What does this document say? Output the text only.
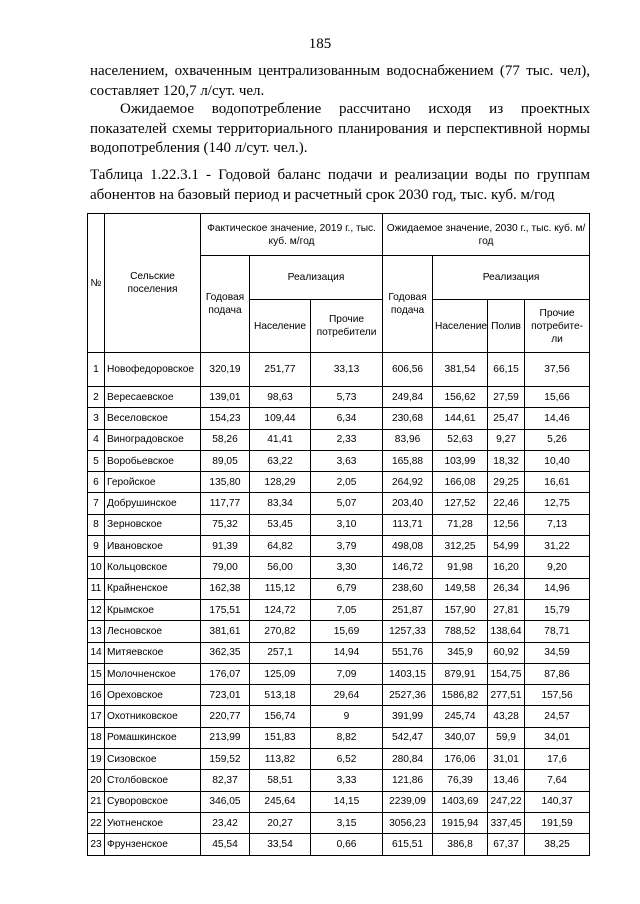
185
населением, охваченным централизованным водоснабжением (77 тыс. чел), составляет 120,7 л/сут. чел.
Ожидаемое водопотребление рассчитано исходя из проектных показателей схемы территориального планирования и перспективной нормы водопотребления (140 л/сут. чел.).
Таблица 1.22.3.1 - Годовой баланс подачи и реализации воды по группам абонентов на базовый период и расчетный срок 2030 год, тыс. куб. м/год
№	Сельские поселения	Фактическое значение, 2019 г., тыс. куб. м/год			Ожидаемое значение, 2030 г., тыс. куб. м/год			
		Годовая подача	Реализация		Годовая подача	Реализация		
			Население	Прочие потребители		Население	Полив	Прочие потребите-ли
1	Новофедоровское	320,19	251,77	33,13	606,56	381,54	66,15	37,56
2	Вересаевское	139,01	98,63	5,73	249,84	156,62	27,59	15,66
3	Веселовское	154,23	109,44	6,34	230,68	144,61	25,47	14,46
4	Виноградовское	58,26	41,41	2,33	83,96	52,63	9,27	5,26
5	Воробьевское	89,05	63,22	3,63	165,88	103,99	18,32	10,40
6	Геройское	135,80	128,29	2,05	264,92	166,08	29,25	16,61
7	Добрушинское	117,77	83,34	5,07	203,40	127,52	22,46	12,75
8	Зерновское	75,32	53,45	3,10	113,71	71,28	12,56	7,13
9	Ивановское	91,39	64,82	3,79	498,08	312,25	54,99	31,22
10	Кольцовское	79,00	56,00	3,30	146,72	91,98	16,20	9,20
11	Крайненское	162,38	115,12	6,79	238,60	149,58	26,34	14,96
12	Крымское	175,51	124,72	7,05	251,87	157,90	27,81	15,79
13	Лесновское	381,61	270,82	15,69	1257,33	788,52	138,64	78,71
14	Митяевское	362,35	257,1	14,94	551,76	345,9	60,92	34,59
15	Молочненское	176,07	125,09	7,09	1403,15	879,91	154,75	87,86
16	Ореховское	723,01	513,18	29,64	2527,36	1586,82	277,51	157,56
17	Охотниковское	220,77	156,74	9	391,99	245,74	43,28	24,57
18	Ромашкинское	213,99	151,83	8,82	542,47	340,07	59,9	34,01
19	Сизовское	159,52	113,82	6,52	280,84	176,06	31,01	17,6
20	Столбовское	82,37	58,51	3,33	121,86	76,39	13,46	7,64
21	Суворовское	346,05	245,64	14,15	2239,09	1403,69	247,22	140,37
22	Уютненское	23,42	20,27	3,15	3056,23	1915,94	337,45	191,59
23	Фрунзенское	45,54	33,54	0,66	615,51	386,8	67,37	38,25
